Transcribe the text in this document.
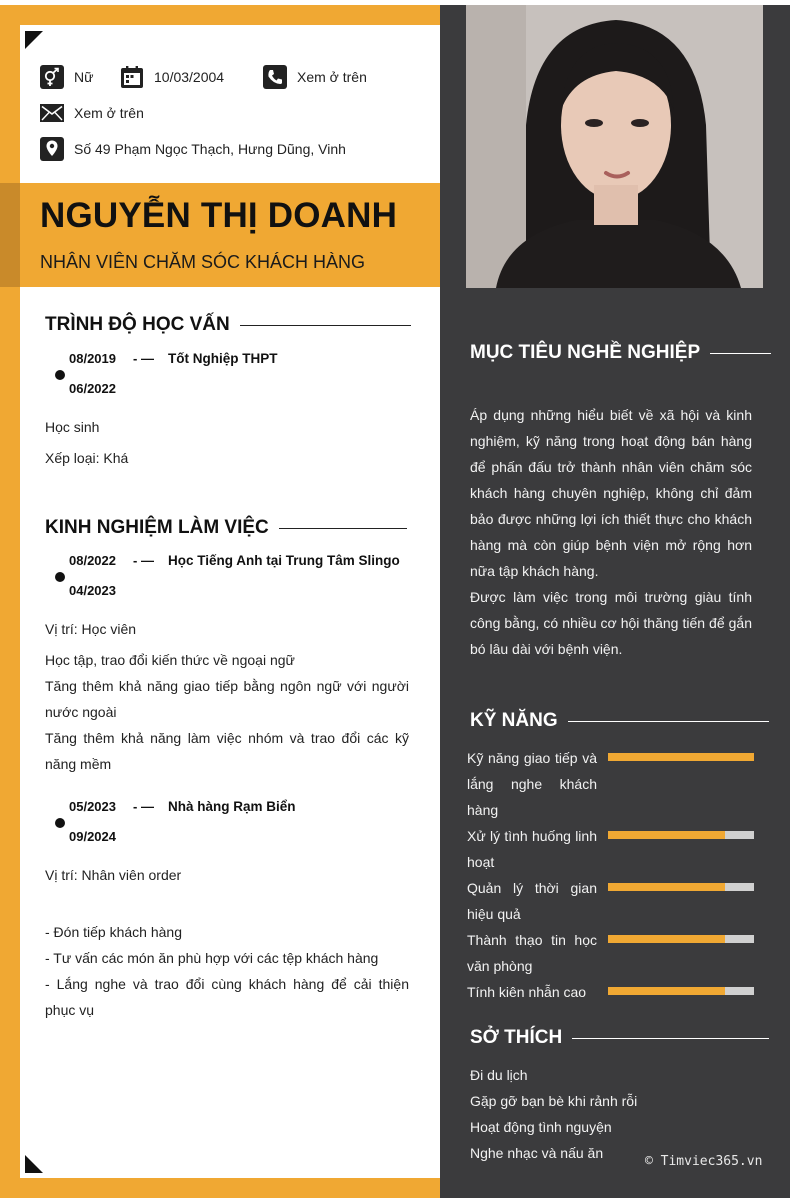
Nữ	10/03/2004	Xem ở trên
Xem ở trên
Số 49 Phạm Ngọc Thạch, Hưng Dũng, Vinh
NGUYỄN THỊ DOANH
NHÂN VIÊN CHĂM SÓC KHÁCH HÀNG
TRÌNH ĐỘ HỌC VẤN
08/2019 - — Tốt Nghiệp THPT
06/2022
Học sinh
Xếp loại: Khá
KINH NGHIỆM LÀM VIỆC
08/2022 - — Học Tiếng Anh tại Trung Tâm Slingo
04/2023
Vị trí: Học viên
Học tập, trao đổi kiến thức về ngoại ngữ
Tăng thêm khả năng giao tiếp bằng ngôn ngữ với người nước ngoài
Tăng thêm khả năng làm việc nhóm và trao đổi các kỹ năng mềm
05/2023 - — Nhà hàng Rạm Biển
09/2024
Vị trí: Nhân viên order
- Đón tiếp khách hàng
- Tư vấn các món ăn phù hợp với các tệp khách hàng
- Lắng nghe và trao đổi cùng khách hàng để cải thiện phục vụ
MỤC TIÊU NGHỀ NGHIỆP
Áp dụng những hiểu biết về xã hội và kinh nghiệm, kỹ năng trong hoạt động bán hàng để phấn đấu trở thành nhân viên chăm sóc khách hàng chuyên nghiệp, không chỉ đảm bảo được những lợi ích thiết thực cho khách hàng mà còn giúp bệnh viện mở rộng hơn nữa tập khách hàng.
Được làm việc trong môi trường giàu tính công bằng, có nhiều cơ hội thăng tiến để gắn bó lâu dài với bệnh viện.
KỸ NĂNG
Kỹ năng giao tiếp và lắng nghe khách hàng
Xử lý tình huống linh hoạt
Quản lý thời gian hiệu quả
Thành thạo tin học văn phòng
Tính kiên nhẫn cao
SỞ THÍCH
Đi du lịch
Gặp gỡ bạn bè khi rảnh rỗi
Hoạt động tình nguyện
Nghe nhạc và nấu ăn
© Timviec365.vn
